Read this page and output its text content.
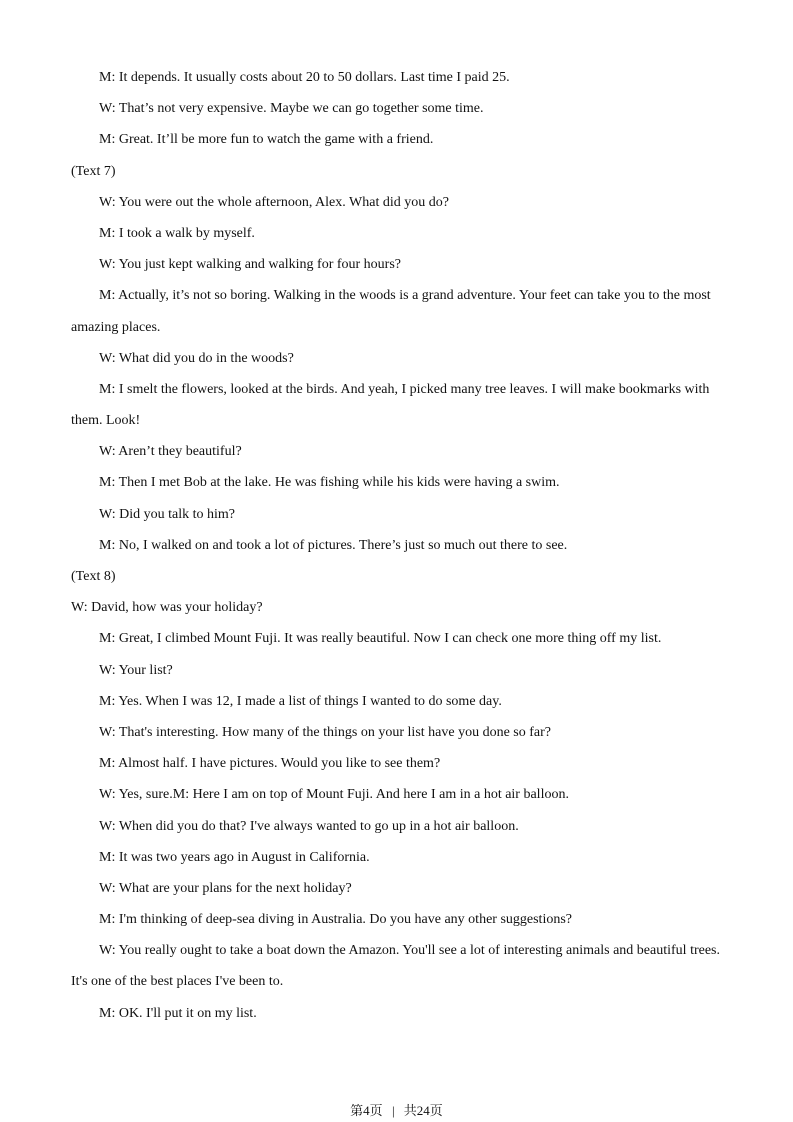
M: It depends. It usually costs about 20 to 50 dollars. Last time I paid 25.

W: That’s not very expensive. Maybe we can go together some time.

M: Great. It’ll be more fun to watch the game with a friend.

(Text 7)

W: You were out the whole afternoon, Alex. What did you do?

M: I took a walk by myself.

W: You just kept walking and walking for four hours?

M: Actually, it’s not so boring. Walking in the woods is a grand adventure. Your feet can take you to the most

amazing places.

W: What did you do in the woods?

M: I smelt the flowers, looked at the birds. And yeah, I picked many tree leaves. I will make bookmarks with

them. Look!

W: Aren’t they beautiful?

M: Then I met Bob at the lake. He was fishing while his kids were having a swim.

W: Did you talk to him?

M: No, I walked on and took a lot of pictures. There’s just so much out there to see.

(Text 8)

W: David, how was your holiday?

M: Great, I climbed Mount Fuji. It was really beautiful. Now I can check one more thing off my list.

W: Your list?

M: Yes. When I was 12, I made a list of things I wanted to do some day.

W: That's interesting. How many of the things on your list have you done so far?

M: Almost half. I have pictures. Would you like to see them?

W: Yes, sure.M: Here I am on top of Mount Fuji. And here I am in a hot air balloon.

W: When did you do that? I've always wanted to go up in a hot air balloon.

M: It was two years ago in August in California.

W: What are your plans for the next holiday?

M: I'm thinking of deep-sea diving in Australia. Do you have any other suggestions?

W: You really ought to take a boat down the Amazon. You'll see a lot of interesting animals and beautiful trees.

It's one of the best places I've been to.

M: OK. I'll put it on my list.

第4页 | 共24页
